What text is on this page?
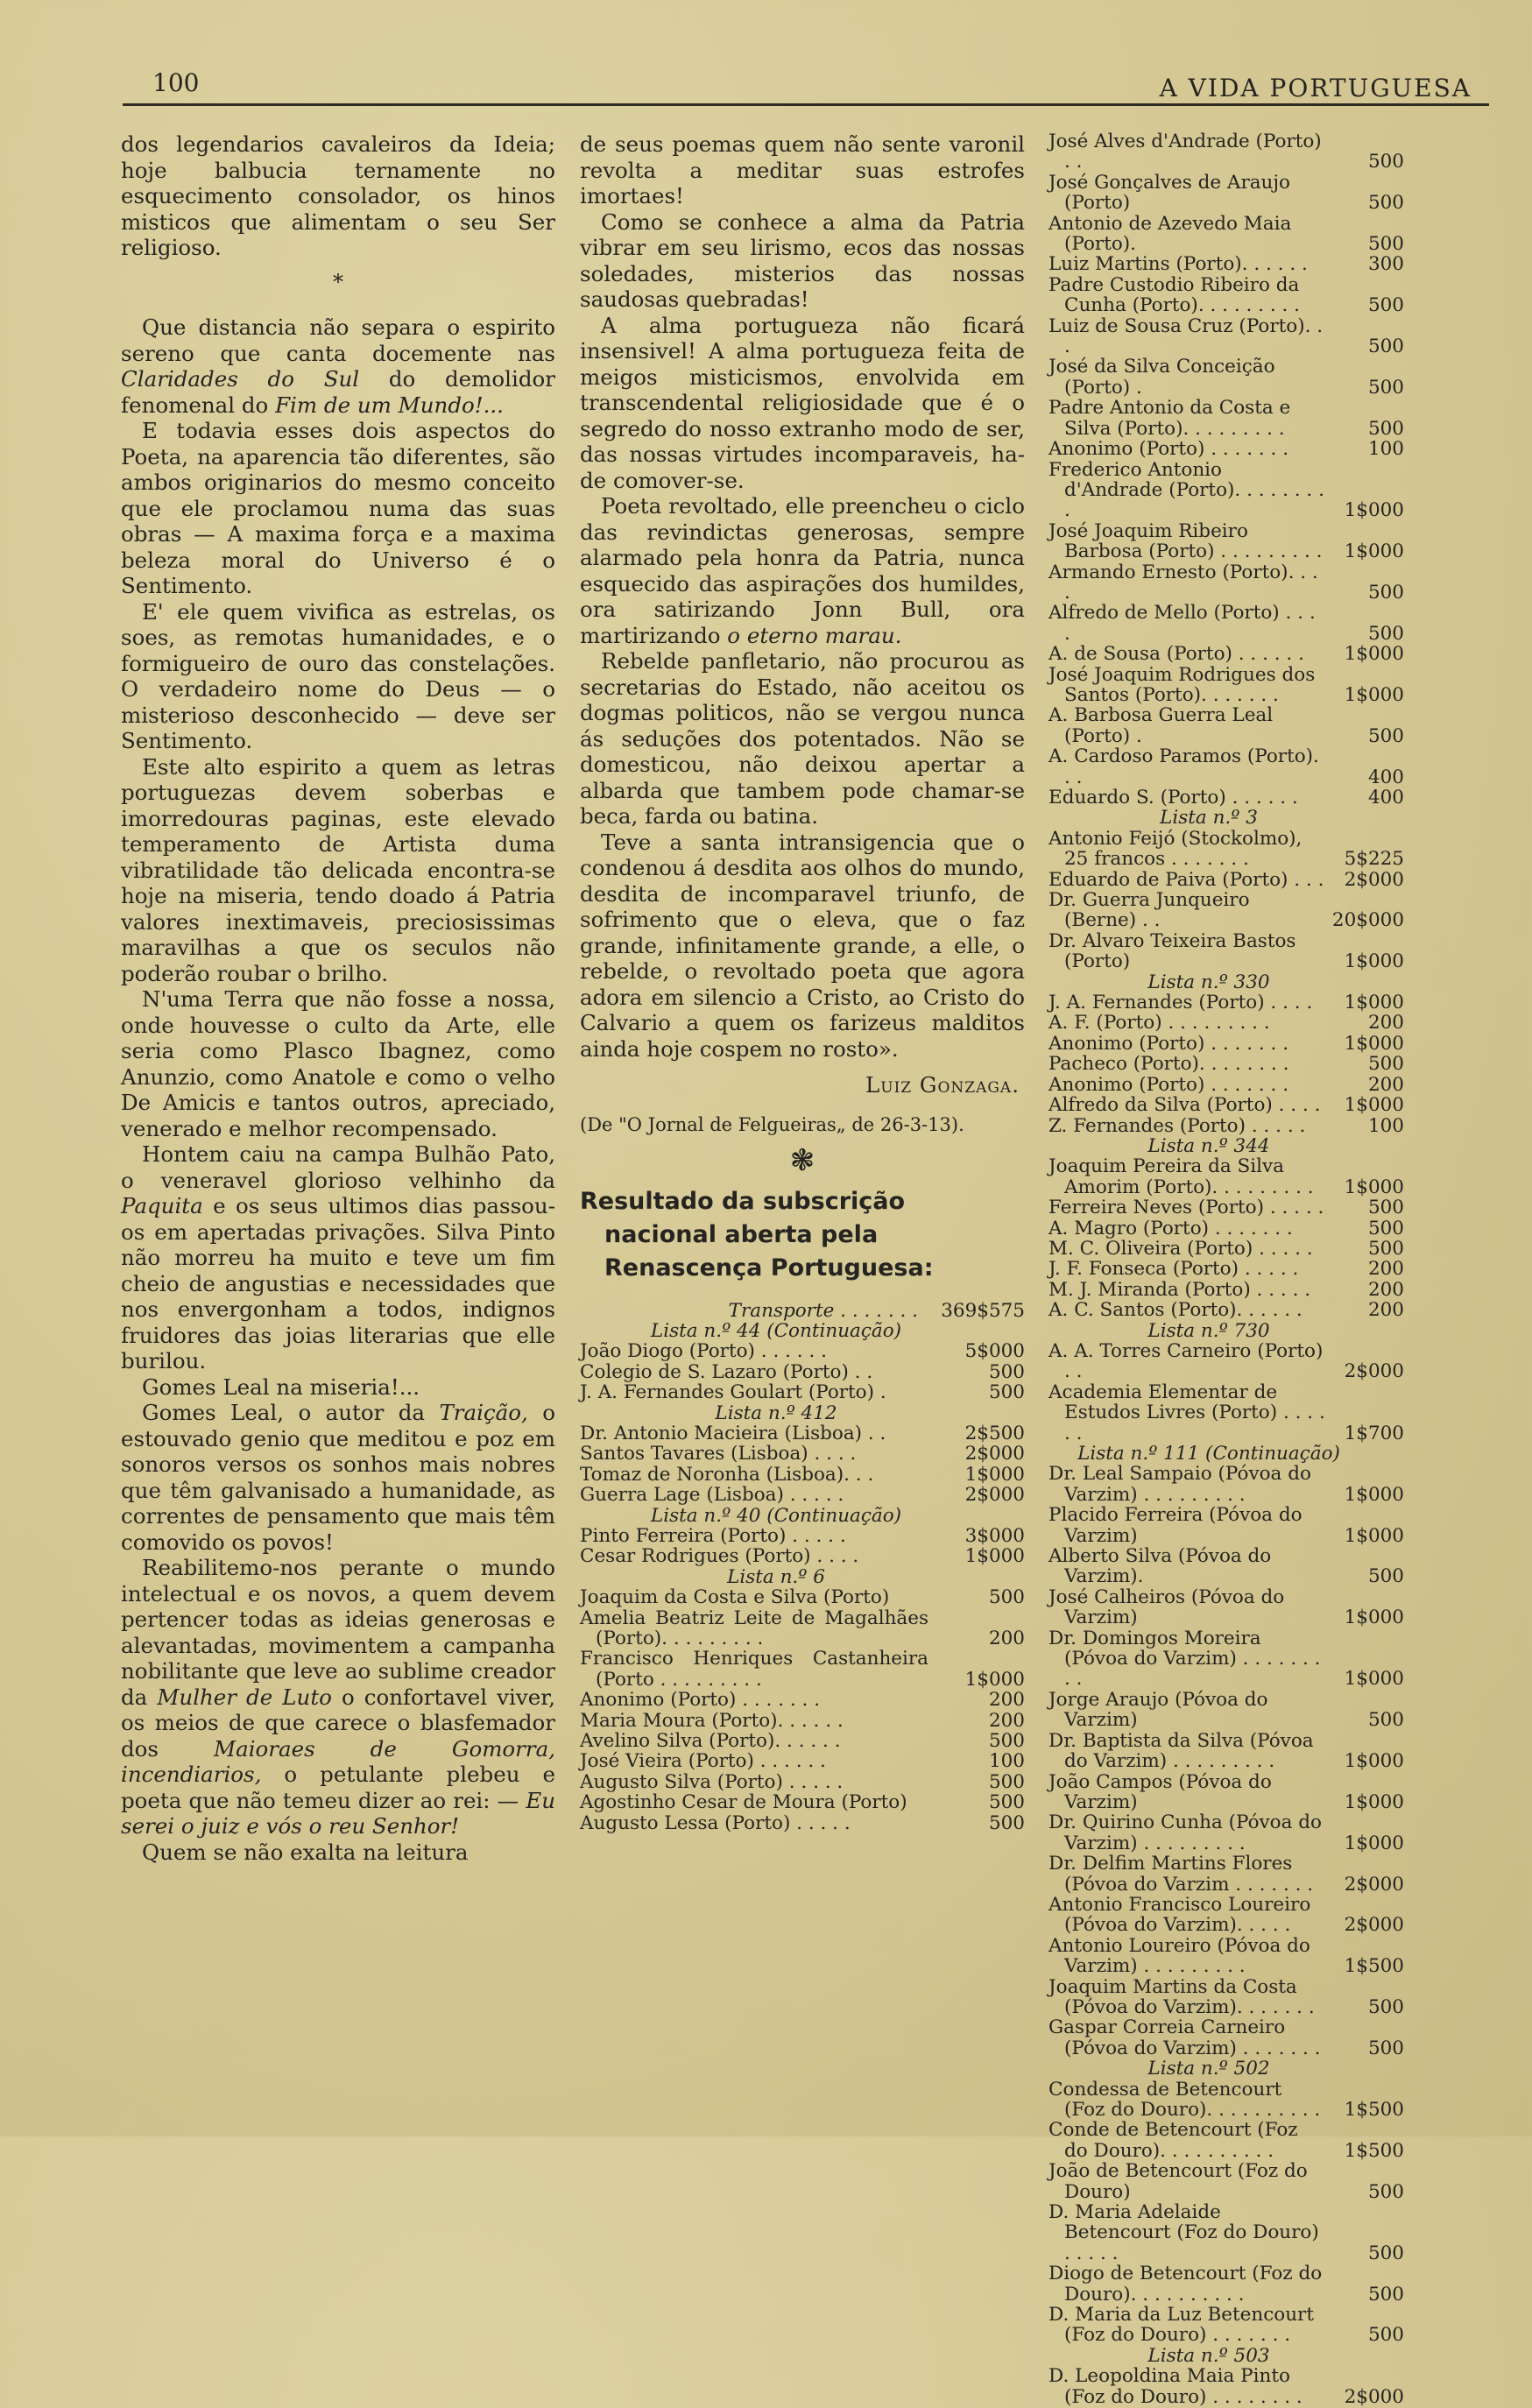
100	A VIDA PORTUGUESA

dos legendarios cavaleiros da Ideia; hoje balbucia ternamente no esquecimento consolador, os hinos misticos que alimentam o seu Ser religioso.

*

Que distancia não separa o espirito sereno que canta docemente nas Claridades do Sul do demolidor fenomenal do Fim de um Mundo!...

E todavia esses dois aspectos do Poeta, na aparencia tão diferentes, são ambos originarios do mesmo conceito que ele proclamou numa das suas obras — A maxima força e a maxima beleza moral do Universo é o Sentimento.

E' ele quem vivifica as estrelas, os soes, as remotas humanidades, e o formigueiro de ouro das constelações. O verdadeiro nome do Deus — o misterioso desconhecido — deve ser Sentimento.

Este alto espirito a quem as letras portuguezas devem soberbas e imorredouras paginas, este elevado temperamento de Artista duma vibratilidade tão delicada encontra-se hoje na miseria, tendo doado á Patria valores inextimaveis, preciosissimas maravilhas a que os seculos não poderão roubar o brilho.

N'uma Terra que não fosse a nossa, onde houvesse o culto da Arte, elle seria como Plasco Ibagnez, como Anunzio, como Anatole e como o velho De Amicis e tantos outros, apreciado, venerado e melhor recompensado.

Hontem caiu na campa Bulhão Pato, o veneravel glorioso velhinho da Paquita e os seus ultimos dias passou-os em apertadas privações. Silva Pinto não morreu ha muito e teve um fim cheio de angustias e necessidades que nos envergonham a todos, indignos fruidores das joias literarias que elle burilou.

Gomes Leal na miseria!...

Gomes Leal, o autor da Traição, o estouvado genio que meditou e poz em sonoros versos os sonhos mais nobres que têm galvanisado a humanidade, as correntes de pensamento que mais têm comovido os povos!

Reabilitemo-nos perante o mundo intelectual e os novos, a quem devem pertencer todas as ideias generosas e alevantadas, movimentem a campanha nobilitante que leve ao sublime creador da Mulher de Luto o confortavel viver, os meios de que carece o blasfemador dos Maioraes de Gomorra, incendiarios, o petulante plebeu e poeta que não temeu dizer ao rei: — Eu serei o juiz e vós o reu Senhor!

Quem se não exalta na leitura

de seus poemas quem não sente varonil revolta a meditar suas estrofes imortaes!

Como se conhece a alma da Patria vibrar em seu lirismo, ecos das nossas soledades, misterios das nossas saudosas quebradas!

A alma portugueza não ficará insensivel! A alma portugueza feita de meigos misticismos, envolvida em transcendental religiosidade que é o segredo do nosso extranho modo de ser, das nossas virtudes incomparaveis, ha-de comover-se.

Poeta revoltado, elle preencheu o ciclo das revindictas generosas, sempre alarmado pela honra da Patria, nunca esquecido das aspirações dos humildes, ora satirizando Jonn Bull, ora martirizando o eterno marau.

Rebelde panfletario, não procurou as secretarias do Estado, não aceitou os dogmas politicos, não se vergou nunca ás seduções dos potentados. Não se domesticou, não deixou apertar a albarda que tambem pode chamar-se beca, farda ou batina.

Teve a santa intransigencia que o condenou á desdita aos olhos do mundo, desdita de incomparavel triunfo, de sofrimento que o eleva, que o faz grande, infinitamente grande, a elle, o rebelde, o revoltado poeta que agora adora em silencio a Cristo, ao Cristo do Calvario a quem os farizeus malditos ainda hoje cospem no rosto».

Luiz Gonzaga.
(De "O Jornal de Felgueiras„ de 26-3-13).
❃
Resultado da subscrição nacional aberta pela Renascença Portuguesa:
Transporte . . . . . . .	369$575
Lista n.º 44 (Continuação)
João Diogo (Porto) . . . . . .	5$000
Colegio de S. Lazaro (Porto) . .	500
J. A. Fernandes Goulart (Porto) .	500
Lista n.º 412
Dr. Antonio Macieira (Lisboa) . .	2$500
Santos Tavares (Lisboa) . . . .	2$000
Tomaz de Noronha (Lisboa). . .	1$000
Guerra Lage (Lisboa) . . . . .	2$000
Lista n.º 40 (Continuação)
Pinto Ferreira (Porto) . . . . .	3$000
Cesar Rodrigues (Porto) . . . .	1$000
Lista n.º 6
Joaquim da Costa e Silva (Porto)	500
Amelia Beatriz Leite de Magalhães (Porto). . . . . . . . .	200
Francisco Henriques Castanheira (Porto . . . . . . . . .	1$000
Anonimo (Porto) . . . . . . .	200
Maria Moura (Porto). . . . . .	200
Avelino Silva (Porto). . . . . .	500
José Vieira (Porto) . . . . . .	100
Augusto Silva (Porto) . . . . .	500
Agostinho Cesar de Moura (Porto)	500
Augusto Lessa (Porto) . . . . .	500
José Alves d'Andrade (Porto) . .	500
José Gonçalves de Araujo (Porto)	500
Antonio de Azevedo Maia (Porto).	500
Luiz Martins (Porto). . . . . .	300
Padre Custodio Ribeiro da Cunha (Porto). . . . . . . . .	500
Luiz de Sousa Cruz (Porto). . .	500
José da Silva Conceição (Porto) .	500
Padre Antonio da Costa e Silva (Porto). . . . . . . . .	500
Anonimo (Porto) . . . . . . .	100
Frederico Antonio d'Andrade (Porto). . . . . . . . .	1$000
José Joaquim Ribeiro Barbosa (Porto) . . . . . . . . .	1$000
Armando Ernesto (Porto). . . .	500
Alfredo de Mello (Porto) . . . .	500
A. de Sousa (Porto) . . . . . .	1$000
José Joaquim Rodrigues dos Santos (Porto). . . . . . .	1$000
A. Barbosa Guerra Leal (Porto) .	500
A. Cardoso Paramos (Porto). . .	400
Eduardo S. (Porto) . . . . . .	400
Lista n.º 3
Antonio Feijó (Stockolmo), 25 francos . . . . . . .	5$225
Eduardo de Paiva (Porto) . . .	2$000
Dr. Guerra Junqueiro (Berne) . .	20$000
Dr. Alvaro Teixeira Bastos (Porto)	1$000
Lista n.º 330
J. A. Fernandes (Porto) . . . .	1$000
A. F. (Porto) . . . . . . . . .	200
Anonimo (Porto) . . . . . . .	1$000
Pacheco (Porto). . . . . . . .	500
Anonimo (Porto) . . . . . . .	200
Alfredo da Silva (Porto) . . . .	1$000
Z. Fernandes (Porto) . . . . .	100
Lista n.º 344
Joaquim Pereira da Silva Amorim (Porto). . . . . . . . .	1$000
Ferreira Neves (Porto) . . . . .	500
A. Magro (Porto) . . . . . . .	500
M. C. Oliveira (Porto) . . . . .	500
J. F. Fonseca (Porto) . . . . .	200
M. J. Miranda (Porto) . . . . .	200
A. C. Santos (Porto). . . . . .	200
Lista n.º 730
A. A. Torres Carneiro (Porto) . .	2$000
Academia Elementar de Estudos Livres (Porto) . . . . . .	1$700
Lista n.º 111 (Continuação)
Dr. Leal Sampaio (Póvoa do Varzim) . . . . . . . . .	1$000
Placido Ferreira (Póvoa do Varzim)	1$000
Alberto Silva (Póvoa do Varzim).	500
José Calheiros (Póvoa do Varzim)	1$000
Dr. Domingos Moreira (Póvoa do Varzim) . . . . . . . . .	1$000
Jorge Araujo (Póvoa do Varzim)	500
Dr. Baptista da Silva (Póvoa do Varzim) . . . . . . . . .	1$000
João Campos (Póvoa do Varzim)	1$000
Dr. Quirino Cunha (Póvoa do Varzim) . . . . . . . . .	1$000
Dr. Delfim Martins Flores (Póvoa do Varzim . . . . . . .	2$000
Antonio Francisco Loureiro (Póvoa do Varzim). . . . .	2$000
Antonio Loureiro (Póvoa do Varzim) . . . . . . . . .	1$500
Joaquim Martins da Costa (Póvoa do Varzim). . . . . . .	500
Gaspar Correia Carneiro (Póvoa do Varzim) . . . . . . .	500
Lista n.º 502
Condessa de Betencourt (Foz do Douro). . . . . . . . . .	1$500
Conde de Betencourt (Foz do Douro). . . . . . . . . .	1$500
João de Betencourt (Foz do Douro)	500
D. Maria Adelaide Betencourt (Foz do Douro) . . . . .	500
Diogo de Betencourt (Foz do Douro). . . . . . . . . .	500
D. Maria da Luz Betencourt (Foz do Douro) . . . . . . .	500
Lista n.º 503
D. Leopoldina Maia Pinto (Foz do Douro) . . . . . . . .	2$000
